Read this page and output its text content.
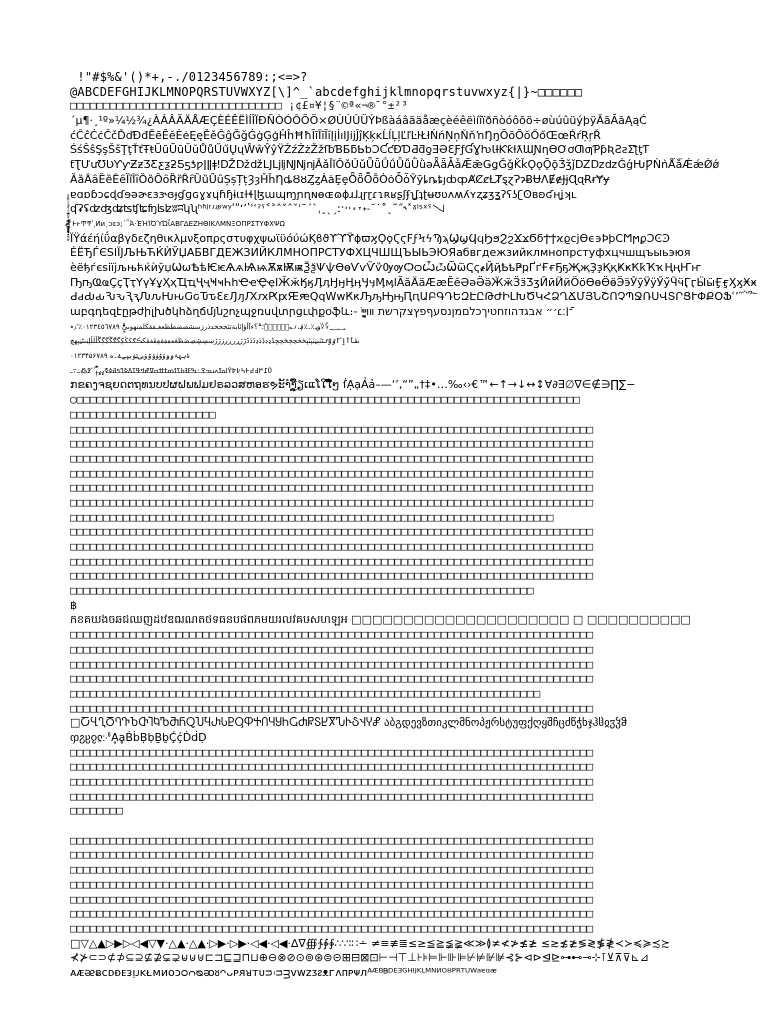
!"#$%&'()*+,-./0123456789:;<=>?
@ABCDEFGHIJKLMNOPQRSTUVWXYZ[\]^_`abcdefghijklmnopqrstuvwxyz{|}~□□□□□□
□□□□□□□□□□□□□□□□□□□□□□□□□□□□□□□□ ¡¢£¤¥¦§¨©ª«¬®¯°±²³
´µ¶·¸¹º»¼½¾¿ÀÁÂÃÄÅÆÇÈÉÊËÌÍÎÏÐÑÒÓÔÕÖ×ØÙÚÛÜÝÞßàáâãäåæçèéêëìíîïðñòóôõö÷øùúûüýþÿĀāĂăĄąĆ
ćĈĉĊċČčĎďĐđĒēĔĕĖėĘęĚěĜĝĞğĠġĢģĤĥĦħĨĩĪīĬĭĮįİıĲĳĴĵĶķĸĹĺĻļĽľĿŀŁłŃńŅņŇňŉŊŋŌōŎŏŐőŒœŔŕŖŗŘ
ŚśŜŝŞşŠšŢţŤťŦŧŨũŪūŬŭŮůŰűŲųŴŵŶŷŸŹźŻżŽžſƀƁƂƃƄƅƆƇƈƉƊƋƌƍƎƏƐƑƒƓƔƕƖƗƘƙƚƛƜƝƞƟƠơƢƣƤƥƦƧƨƩƪƫƬ
ƭƮƯưƱƲƳƴƵƶƷƸƹƺƻƼƽƾƿǀǁǂǃǄǅǆǇǈǉǊǋǌǍǎǏǐǑǒǓǔǕǖǗǘǙǚǛǜǝǞǟǠǡǢǣǤǥǦǧǨǩǪǫǬǭǮǯǰǱǲǳǴǵǶǷǸǹǺǻǼǽǾǿ
ȀȁȂȃȄȅȆȇȈȉȊȋȌȍȎȏȐȑȒȓȔȕȖȗȘșȚțȜȝȞȟȠȡȢȣȤȥȦȧȨȩȪȫȬȭȮȯȰȱȲȳȴȵȶȷȸȹȺȻȼȽȾȿɀɁɂɃɄɅɆɇɈɉɊɋɌɍɎɏ
ɐɑɒɓɔɕɖɗɘəɚɛɜɝɞɟɠɡɢɣɤɥɦɧɨɩɪɫɬɭɮɯɰɱɲɳɴɵɶɷɸɹɺɻɼɽɾɿʀʁʂʃʄʅʆʇʈʉʊʋʌʍʎʏʐʑʒʓʔʕʖʗʘʙʚʛʜʝʞʟ
ʠʡʢʣʤʥʦʧʨʩʪʫʬʭʮʯʰʱʲʳʴʵʶʷʸʹʺʻʼʽʾʿˀˁ˂˃˄˅ˆˇˈˉˊˋˌˍˎˏːˑ˒˓˔˕˖˗˘˙˚˛˜˝˞˟ˠˡˢˣˤ˥˦˧˨˩
̴̵̶̷̸̡̢̧̨̛̖̗̘̙̜̝̞̟̠̣̤̥̦̩̪̫̬̭̮̯̰̱̲̳̹̺̻̼̀́̂̃̄̅̆̇̈̉̊̋̌̍̎̏̐̑̒̓̔̽̾̿̕̚ ͰͱͲͳʹ͵Ͷͷͺͻͼͽ;΄΅Ά·ΈΉΊΌΎΏΐΑΒΓΔΕΖΗΘΙΚΛΜΝΞΟΠΡΣΤΥΦΧΨΩ
ΪΫάέήίΰαβγδεζηθικλμνξοπρςστυφχψωϊϋόύώϏϐϑϒϓϔϕϖϗϘϙϚϛϜϝϞϟϠϡϢϣϤϥϦϧϨϩϪϫϬϭϮϯϰϱϲϳϴϵ϶ϷϸϹϺϻϼϽϾϿ
ЀЁЂЃЄЅІЇЈЉЊЋЌЍЎЏАБВГДЕЖЗИЙКЛМНОПРСТУФХЦЧШЩЪЫЬЭЮЯабвгдежзийклмнопрстуфхцчшщъыьэюя
ѐёђѓєѕіїјљњћќѝўџѠѡѢѣѤѥѦѧѨѩѪѫѬѭѮѯѰѱѲѳѴѵѶѷѸѹѺѻѼѽѾѿҀҁ҂ҊҋҌҍҎҏҐґҒғҔҕҖҗҘҙҚқҜҝҞҟҠҡҢңҤҥ
ҦҧҨҩҪҫҬҭҮүҰұҲҳҴҵҶҷҸҹҺһҼҽҾҿӀӁӂӃӄӅӆӇӈӉӊӋӌӍӎӏӐӑӒӓӔӕӖӗӘәӚӛӜӝӞӟӠӡӢӣӤӥӦӧӨөӪӫӬӭӮӯӰӱӲӳӴӵӶӷӸӹӺӻӼӽӾӿ
ԀԁԂԃԄԅԆԇԈԉԊԋԌԍԎԏԐԑԒԓԔԕԖԗԘԙԚԛԜԝԞԟԠԡԢԣԤԥԱԲԳԴԵԶԷԸԹԺԻԼԽԾԿՀՁՂՃՄՅՆՇՈՉՊՋՌՍՎՏՐՑՒՓՔՕՖՙ՚՛՜՝՞՟
աբգդեզէըթժիլխծկհձղճմյնշոչպջռսվտրցւփքօֆև։֊ ְֱֲֳִֵֶַָֹֻּֽ־ֿ׀ׁׂ׃׆׳״ אבגדהוזחטיךכלםמןנסעףפץצקרשת װױײ
؀؁؂؃؆؇؈؉؊؋،؍؎؏ؐؑؒؓؔؕ؛؞؟ءآأؤإئابةتثجحخدذرزسشصضطظعغـفقكلمنهوىيًٌٍَُِّْ ٠١٢٣٤٥٦٧٨٩٪٫٬٭
ٮٯٰٱٲٳٴٵٶٷٸٹٺٻټٽپٿڀځڂڃڄڅچڇڈډڊڋڌڍڎڏڐڑڒړڔڕږڗژڙښڛڜڝڞڟڠڡڢڣڤڥڦڧڨکڪګڬڭڮگڰڱڲڳڴڵڶڷڸڹںڻڼڽھڿ
ۀہۂۃۄۅۆۇۈۉۊۋیۍێۏېۑےۓ۔ە ۰۱۲۳۴۵۶۷۸۹
߀߁߂߃߄߅߆߇߈߉ߊߋߌߍߎߏߐߑߒߓߔߕߖߗߘߙߚߛߜߝߞߟߠߡߢߣߤߥߦߧߨߩߪ߲߫߬߭߮߯߰߱߳ߴߵ߶߷߸߹ߺ
ກຂຄງຈຊຍດຕຖທນບປຜຝພຟມຢຣລວສຫອຮຯະັາຳິີຶືຸູົຼຽເແໂໃໄໆ່້໊໋໌ໍ ẛẠạẢả–—‘’‚“”„†‡•…‰‹›€™←↑→↓↔↕∀∂∃∅∇∈∉∋∏∑−
◯□□□□□□□□□□□□□□□□□□□□□□□□□□□□□□□□□□□□□□□□□□□□□□□□□□□□□□□□□□□□□□□□□□□□□□□□□□□□
□□□□□□□□□□□□□□□□□□□□□□
□□□□□□□□□□□□□□□□□□□□□□□□□□□□□□□□□□□□□□□□□□□□□□□□□□□□□□□□□□□□□□□□□□□□□□□□□□□□□□□
□□□□□□□□□□□□□□□□□□□□□□□□□□□□□□□□□□□□□□□□□□□□□□□□□□□□□□□□□□□□□□□□□□□□□□□□□□□□□□□
□□□□□□□□□□□□□□□□□□□□□□□□□□□□□□□□□□□□□□□□□□□□□□□□□□□□□□□□□□□□□□□□□□□□□□□□□□□□□□□
□□□□□□□□□□□□□□□□□□□□□□□□□□□□□□□□□□□□□□□□□□□□□□□□□□□□□□□□□□□□□□□□□□□□□□□□□□□□□□□
□□□□□□□□□□□□□□□□□□□□□□□□□□□□□□□□□□□□□□□□□□□□□□□□□□□□□□□□□□□□□□□□□□□□□□□□□□□□□□□
□□□□□□□□□□□□□□□□□□□□□□□□□□□□□□□□□□□□□□□□□□□□□□□□□□□□□□□□□□□□□□□□□□□□□□□□□□□□□□□
□□□□□□□□□□□□□□□□□□□□□□□□□□□□□□□□□□□□□□□□□□□□□□□□□□□□□□□□□□□□□□□□□□□□□□□□□
□□□□□□□□□□□□□□□□□□□□□□□□□□□□□□□□□□□□□□□□□□□□□□□□□□□□□□□□□□□□□□□□□□□□□□□□□□□□□□□
□□□□□□□□□□□□□□□□□□□□□□□□□□□□□□□□□□□□□□□□□□□□□□□□□□□□□□□□□□□□□□□□□□□□□□□□□□□□□□□
□□□□□□□□□□□□□□□□□□□□□□□□□□□□□□□□□□□□□□□□□□□□□□□□□□□□□□□□□□□□□□□□□□□□□□□□□□□□□□□
□□□□□□□□□□□□□□□□□□□□□□□□□□□□□□□□□□□□□□□□□□□□□□□□□□□□□□□□□□□□□□□□□□□□□□□□□□□□□□□
□□□□□□□□□□□□□□□□□□□□□□□□□□□□□□□□□□□□□□□□□□□□□□□□□□□□□□□□□□□□□□□□□□□□□□
฿
កខគឃងចឆជឈញដឋឌឍណតថទធនបផពភមយរលវឝឞសហឡអ □□□□□□□□□□□□□□□□□□□□□ □ □□□□□□□□□□
□□□□□□□□□□□□□□□□□□□□□□□□□□□□□□□□□□□□□□□□□□□□□□□□□□□□□□□□□□□□□□□□□□□□□□□□□□□□□□□
□□□□□□□□□□□□□□□□□□□□□□□□□□□□□□□□□□□□□□□□□□□□□□□□□□□□□□□□□□□□□□□□□□□□□□□□□□□□□□□
□□□□□□□□□□□□□□□□□□□□□□□□□□□□□□□□□□□□□□□□□□□□□□□□□□□□□□□□□□□□□□□□□□□□□□□□□□□□□□□
□□□□□□□□□□□□□□□□□□□□□□□□□□□□□□□□□□□□□□□□□□□□□□□□□□□□□□□□□□□□□□□□□□□□□□□□□□□□□□□
□□□□□□□□□□□□□□□□□□□□□□□□□□□□□□□□□□□□□□□□□□□□□□□□□□□□□□□□□□□□□□□□□□□□□□□
□□□□□□□□□□□□□□□□□□□□□□□□□□□□□□□□□□□□□□□□□□□□□□□□□□□□□□□□□□□□□□□□□□□□□□□□□□□□□□□
□ႠႡႢႣႤႥႦႧႨႩႪႫႬႭႮႯႰႱႲႳႴႵႶႷႸႹႺႻႼႽႾႿჀჁჂჃჄჅ აბგდევზთიკლმნოპჟრსტუფქღყშჩცძწჭხჯჰჱჲჳჴჵ
ჶჷჸჹჺ჻ჼḀḁḂḃḄḅḆḇḈḉḊḋḌ
□□□□□□□□□□□□□□□□□□□□□□□□□□□□□□□□□□□□□□□□□□□□□□□□□□□□□□□□□□□□□□□□□□□□□□□□□□□□□□□
□□□□□□□□□□□□□□□□□□□□□□□□□□□□□□□□□□□□□□□□□□□□□□□□□□□□□□□□□□□□□□□□□□□□□□□□□□□□□□□
□□□□□□□□□□□□□□□□□□□□□□□□□□□□□□□□□□□□□□□□□□□□□□□□□□□□□□□□□□□□□□□□□□□□□□□□□□□□□□□
□□□□□□□□□□□□□□□□□□□□□□□□□□□□□□□□□□□□□□□□□□□□□□□□□□□□□□□□□□□□□□□□□□□□□□□□□□□□□□□
□□□□□□□□
□□□□□□□□□□□□□□□□□□□□□□□□□□□□□□□□□□□□□□□□□□□□□□□□□□□□□□□□□□□□□□□□□□□□□□□□□□□□□□□
□□□□□□□□□□□□□□□□□□□□□□□□□□□□□□□□□□□□□□□□□□□□□□□□□□□□□□□□□□□□□□□□□□□□□□□□□□□□□□□
□□□□□□□□□□□□□□□□□□□□□□□□□□□□□□□□□□□□□□□□□□□□□□□□□□□□□□□□□□□□□□□□□□□□□□□□□□□□□□□
□□□□□□□□□□□□□□□□□□□□□□□□□□□□□□□□□□□□□□□□□□□□□□□□□□□□□□□□□□□□□□□□□□□□□□□□□□□□□□□
□□□□□□□□□□□□□□□□□□□□□□□□□□□□□□□□□□□□□□□□□□□□□□□□□□□□□□□□□□□□□□□□□□□□□□□□□□□□□□□
□□□□□□□□□□□□□□□□□□□□□□□□□□□□□□□□□□□□□□□□□□□□□□□□□□□□□□□□□□□□□□□□□□□□□□□□□□□□□□□
□□□□□□□□□□□□□□□□□□□□□□□□□□□□□□□□□□□□□□□□□□□□□□□□□□□□□□□□□□□□□□□□□□□□□□□□□□□□□□□
□▽△▲▷▶▷◁◀▽▼·△▲·△▲·▷▶·▷▶·◁◀·◁◀·∆∇∰∱∲∳∴∵∶∷∸ ≠≡≢≣≤≥≦≧≨≩≪≫≬≭≮≯≰≱ ≲≳≴≵≶≷≸≹≺≻≼≽≾≿
⊀⊁⊂⊃⊄⊅⊆⊇⊈⊉⊊⊋⊌⊍⊎⊏⊐⊑⊒⊓⊔⊕⊖⊗⊘⊙⊚⊛⊜⊝⊞⊟⊠⊡⊢⊣⊤⊥⊦⊧⊨⊩⊪⊫⊬⊭⊮⊯⊰⊱⊲⊳⊴⊵⊶⊷⊸⊹⊺⊻⊼⊽⊾⊿
ᴀᴁᴂᴃᴄᴅᴆᴇᴈᴉᴊᴋᴌᴍᴎᴏᴐᴑᴒᴓᴔᴕᴖᴗᴘᴙᴚᴛᴜᴝᴞᴟᴠᴡᴢᴣᴤᴥᴦᴧᴨᴩᴪᴫᴬᴭᴮᴯᴰᴱᴲᴳᴴᴵᴶᴷᴸᴹᴺᴻᴼᴽᴾᴿᵀᵁᵂᵃᵄᵅᵆ
